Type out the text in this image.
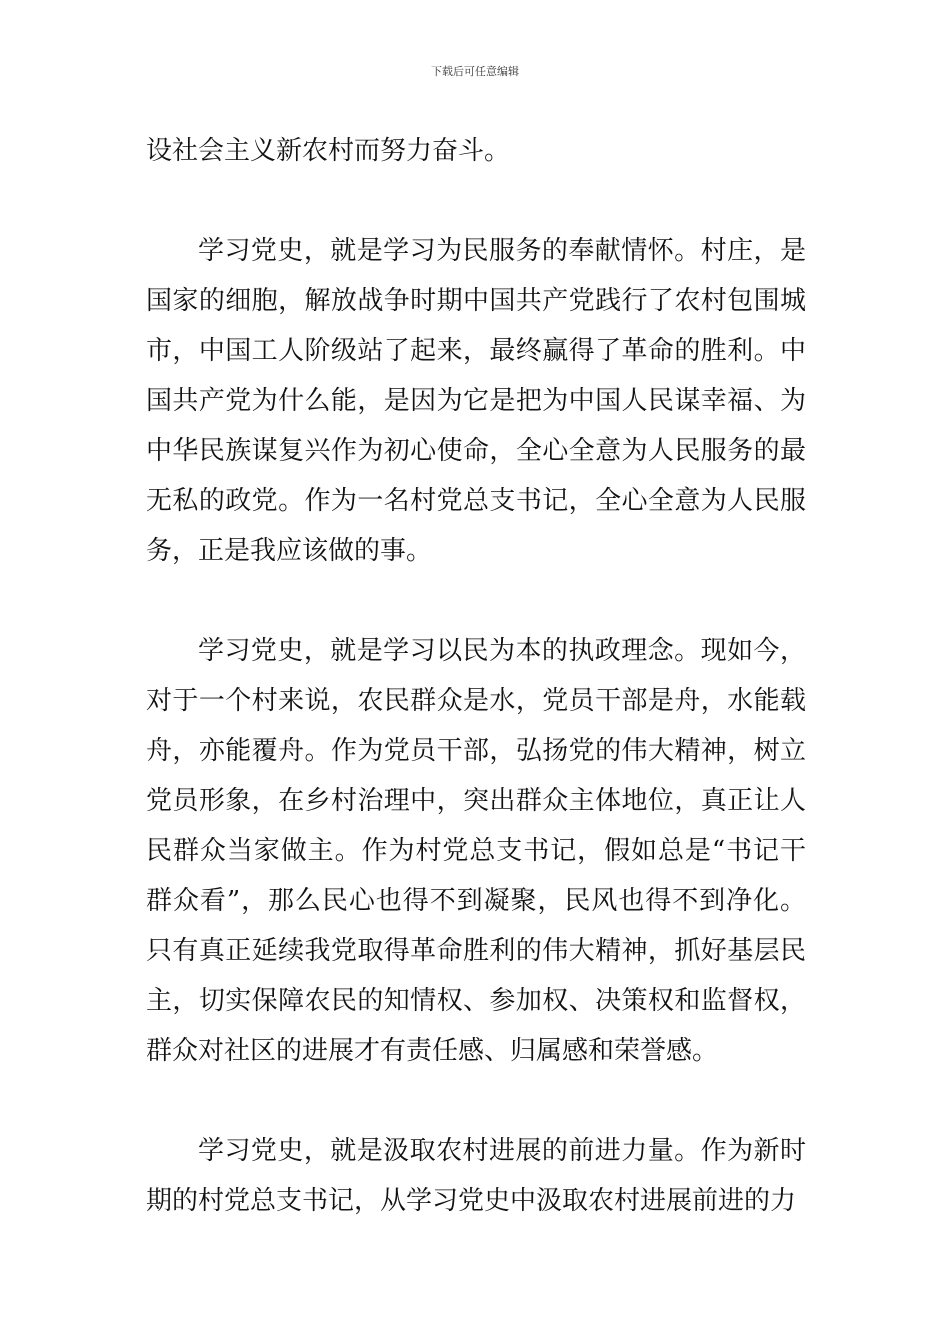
下载后可任意编辑

设社会主义新农村而努力奋斗。

学习党史，就是学习为民服务的奉献情怀。村庄，是国家的细胞，解放战争时期中国共产党践行了农村包围城市，中国工人阶级站了起来，最终赢得了革命的胜利。中国共产党为什么能，是因为它是把为中国人民谋幸福、为中华民族谋复兴作为初心使命，全心全意为人民服务的最无私的政党。作为一名村党总支书记，全心全意为人民服务，正是我应该做的事。

学习党史，就是学习以民为本的执政理念。现如今，对于一个村来说，农民群众是水，党员干部是舟，水能载舟，亦能覆舟。作为党员干部，弘扬党的伟大精神，树立党员形象，在乡村治理中，突出群众主体地位，真正让人民群众当家做主。作为村党总支书记，假如总是“书记干群众看”，那么民心也得不到凝聚，民风也得不到净化。只有真正延续我党取得革命胜利的伟大精神，抓好基层民主，切实保障农民的知情权、参加权、决策权和监督权，群众对社区的进展才有责任感、归属感和荣誉感。

学习党史，就是汲取农村进展的前进力量。作为新时期的村党总支书记，从学习党史中汲取农村进展前进的力
